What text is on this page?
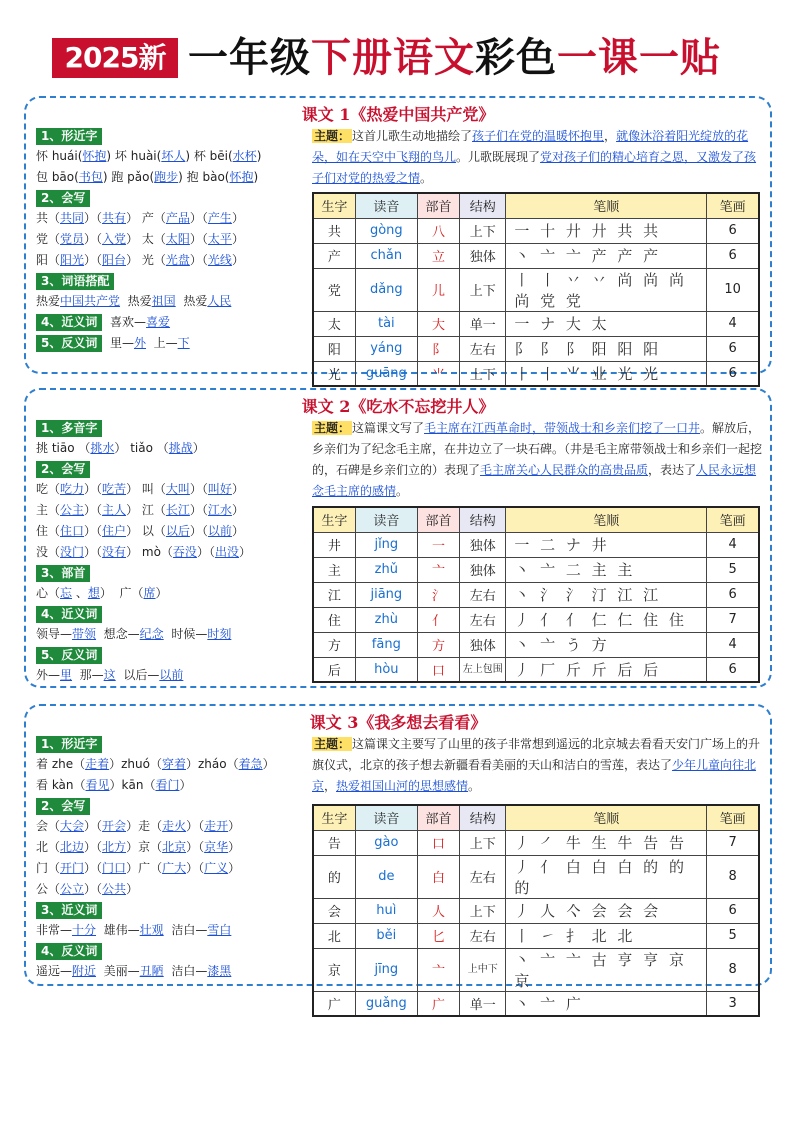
2025新 一年级下册语文彩色一课一贴
课文 1《热爱中国共产党》
1、形近字
怀 huái(怀抱) 坏 huài(坏人) 杯 bēi(水杯)
包 bāo(书包) 跑 pǎo(跑步) 抱 bào(怀抱)
2、会写
共（共同）（共有） 产（产品）（产生）
党（党员）（入党） 太（太阳）（太平）
阳（阳光）（阳台） 光（光盘）（光线）
3、词语搭配
热爱中国共产党  热爱祖国  热爱人民
4、近义词  喜欢—喜爱
5、反义词  里—外  上—下
主题： 这首儿歌生动地描绘了孩子们在党的温暖怀抱里，就像沐浴着阳光绽放的花朵，如在天空中飞翔的鸟儿。儿歌既展现了党对孩子们的精心培育之恩，又激发了孩子们对党的热爱之情。
生字	读音	部首	结构	笔顺	笔画
共	gòng	八	上下	一 十 廾 廾 共 共	6
产	chǎn	立	独体	丶 亠 亠 产 产 产	6
党	dǎng	儿	上下	丨 丨 丷 丷 尚 尚 尚 尚 党 党	10
太	tài	大	单一	一 ナ 大 太	4
阳	yáng	阝	左右	阝 阝 阝 阳 阳 阳	6
光	guāng	⺌	上下	丨 丨 ⺌ 业 光 光	6
课文 2《吃水不忘挖井人》
1、多音字
挑 tiāo （挑水） tiǎo （挑战）
2、会写
吃（吃力）（吃苦） 叫（大叫）（叫好）
主（公主）（主人） 江（长江）（江水）
住（住口）（住户） 以（以后）（以前）
没（没门）（没有） mò（吞没）（出没）
3、部首
心（忘 、想）  广（席）
4、近义词
领导—带领  想念—纪念  时候—时刻
5、反义词
外—里  那—这  以后—以前
主题： 这篇课文写了毛主席在江西革命时，带领战士和乡亲们挖了一口井。解放后，乡亲们为了纪念毛主席，在井边立了一块石碑。（井是毛主席带领战士和乡亲们一起挖的，石碑是乡亲们立的）表现了毛主席关心人民群众的高贵品质，表达了人民永远想念毛主席的感情。
生字	读音	部首	结构	笔顺	笔画
井	jǐng	一	独体	一 二 ナ 井	4
主	zhǔ	亠	独体	丶 亠 二 主 主	5
江	jiāng	氵	左右	丶 氵 氵 汀 江 江	6
住	zhù	亻	左右	丿 亻 亻 仁 仁 住 住	7
方	fāng	方	独体	丶 亠 う 方	4
后	hòu	口	左上包围	丿 厂 斤 斤 后 后	6
课文 3《我多想去看看》
1、形近字
着 zhe（走着）zhuó（穿着）zháo（着急）
看 kàn（看见）kān（看门）
2、会写
会（大会）（开会）走（走火）（走开）
北（北边）（北方）京（北京）（京华）
门（开门）（门口）广（广大）（广义）
公（公立）（公共）
3、近义词
非常—十分  雄伟—壮观  洁白—雪白
4、反义词
遥远—附近  美丽—丑陋  洁白—漆黑
主题： 这篇课文主要写了山里的孩子非常想到遥远的北京城去看看天安门广场上的升旗仪式，北京的孩子想去新疆看看美丽的天山和洁白的雪莲，表达了少年儿童向往北京，热爱祖国山河的思想感情。
生字	读音	部首	结构	笔顺	笔画
告	gào	口	上下	丿 ㇒ 牛 生 牛 告 告	7
的	de	白	左右	丿 亻 白 白 白 的 的 的	8
会	huì	人	上下	丿 人 亽 会 会 会	6
北	běi	匕	左右	丨 ㇀ 扌 北 北	5
京	jīng	亠	上中下	丶 亠 亠 古 亨 亨 京 京	8
广	guǎng	广	单一	丶 亠 广	3
